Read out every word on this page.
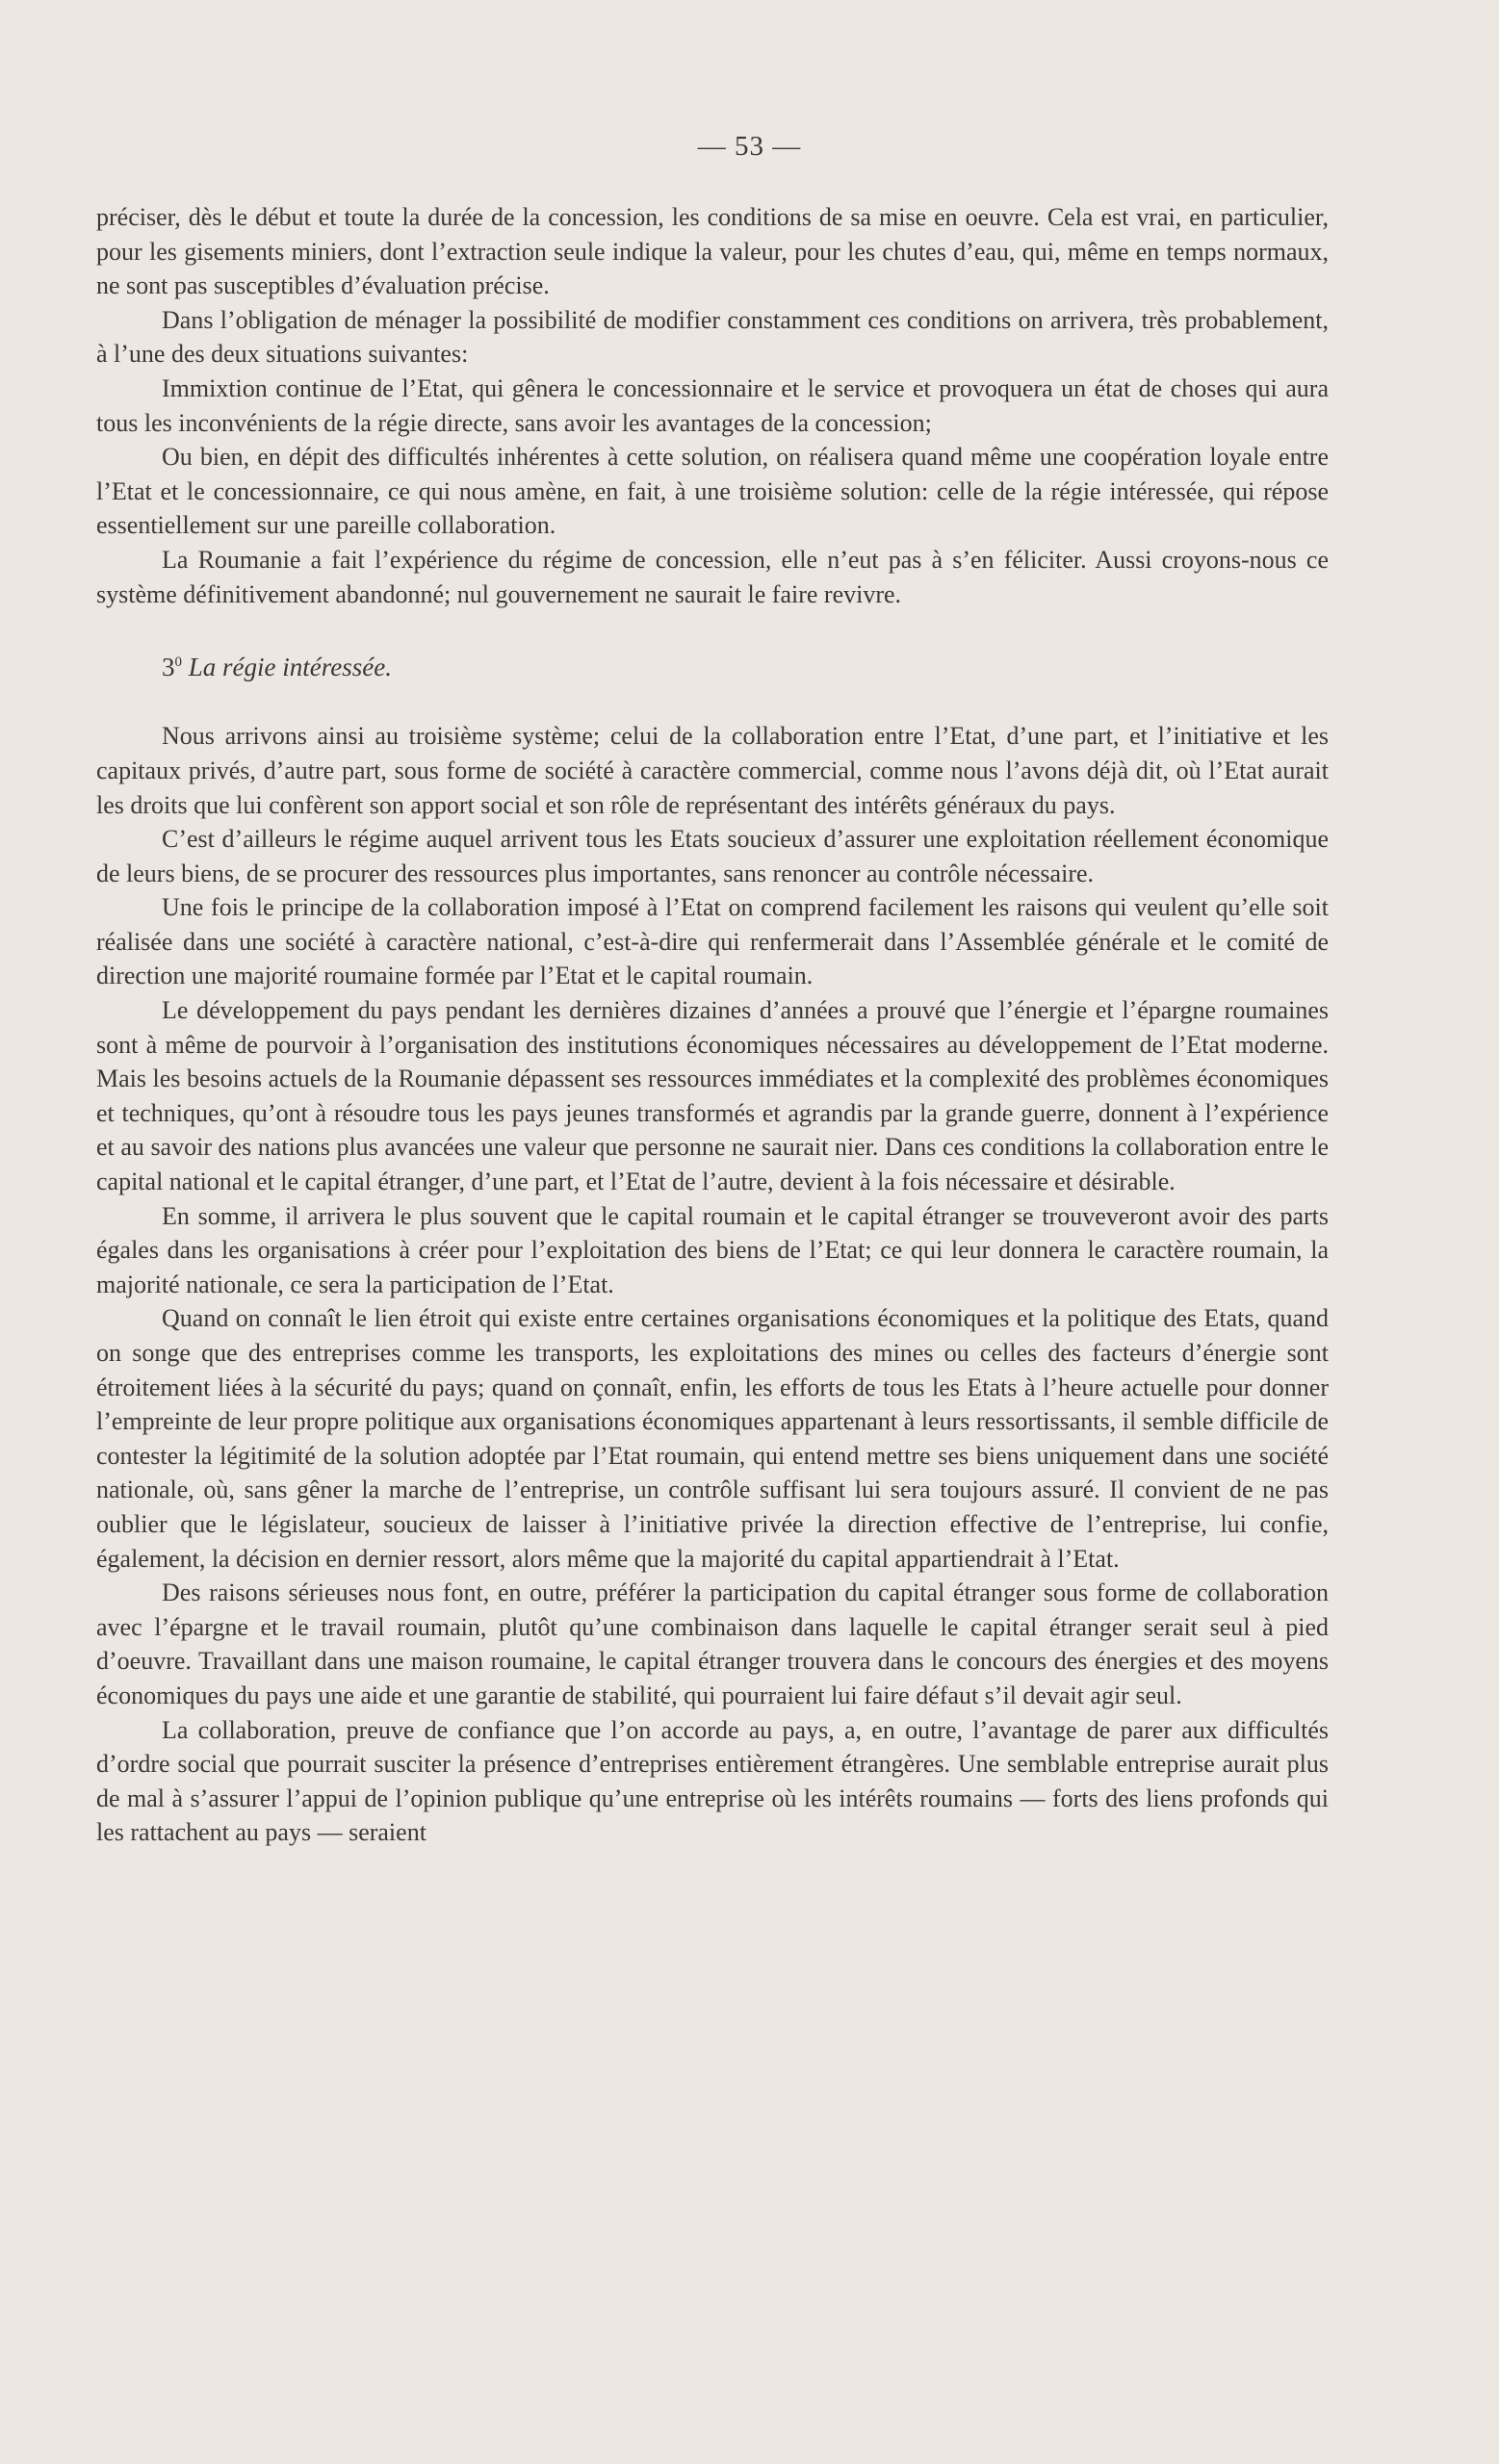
— 53 —

préciser, dès le début et toute la durée de la concession, les conditions de sa mise en oeuvre. Cela est vrai, en particulier, pour les gisements miniers, dont l’extraction seule indique la valeur, pour les chutes d’eau, qui, même en temps normaux, ne sont pas susceptibles d’évaluation précise.

Dans l’obligation de ménager la possibilité de modifier constamment ces conditions on arrivera, très probablement, à l’une des deux situations suivantes:

Immixtion continue de l’Etat, qui gênera le concessionnaire et le service et provoquera un état de choses qui aura tous les inconvénients de la régie directe, sans avoir les avantages de la concession;

Ou bien, en dépit des difficultés inhérentes à cette solution, on réalisera quand même une coopération loyale entre l’Etat et le concessionnaire, ce qui nous amène, en fait, à une troisième solution: celle de la régie intéressée, qui répose essentiellement sur une pareille collaboration.

La Roumanie a fait l’expérience du régime de concession, elle n’eut pas à s’en féliciter. Aussi croyons-nous ce système définitivement abandonné; nul gouvernement ne saurait le faire revivre.

$3^0$ La régie intéressée.

Nous arrivons ainsi au troisième système; celui de la collaboration entre l’Etat, d’une part, et l’initiative et les capitaux privés, d’autre part, sous forme de société à caractère commercial, comme nous l’avons déjà dit, où l’Etat aurait les droits que lui confèrent son apport social et son rôle de représentant des intérêts généraux du pays.

C’est d’ailleurs le régime auquel arrivent tous les Etats soucieux d’assurer une exploitation réellement économique de leurs biens, de se procurer des ressources plus importantes, sans renoncer au contrôle nécessaire.

Une fois le principe de la collaboration imposé à l’Etat on comprend facilement les raisons qui veulent qu’elle soit réalisée dans une société à caractère national, c’est-à-dire qui renfermerait dans l’Assemblée générale et le comité de direction une majorité roumaine formée par l’Etat et le capital roumain.

Le développement du pays pendant les dernières dizaines d’années a prouvé que l’énergie et l’épargne roumaines sont à même de pourvoir à l’organisation des institutions économiques nécessaires au développement de l’Etat moderne. Mais les besoins actuels de la Roumanie dépassent ses ressources immédiates et la complexité des problèmes économiques et techniques, qu’ont à résoudre tous les pays jeunes transformés et agrandis par la grande guerre, donnent à l’expérience et au savoir des nations plus avancées une valeur que personne ne saurait nier. Dans ces conditions la collaboration entre le capital national et le capital étranger, d’une part, et l’Etat de l’autre, devient à la fois nécessaire et désirable.

En somme, il arrivera le plus souvent que le capital roumain et le capital étranger se trouveveront avoir des parts égales dans les organisations à créer pour l’exploitation des biens de l’Etat; ce qui leur donnera le caractère roumain, la majorité nationale, ce sera la participation de l’Etat.

Quand on connaît le lien étroit qui existe entre certaines organisations économiques et la politique des Etats, quand on songe que des entreprises comme les transports, les exploitations des mines ou celles des facteurs d’énergie sont étroitement liées à la sécurité du pays; quand on çonnaît, enfin, les efforts de tous les Etats à l’heure actuelle pour donner l’empreinte de leur propre politique aux organisations économiques appartenant à leurs ressortissants, il semble difficile de contester la légitimité de la solution adoptée par l’Etat roumain, qui entend mettre ses biens uniquement dans une société nationale, où, sans gêner la marche de l’entreprise, un contrôle suffisant lui sera toujours assuré. Il convient de ne pas oublier que le législateur, soucieux de laisser à l’initiative privée la direction effective de l’entreprise, lui confie, également, la décision en dernier ressort, alors même que la majorité du capital appartiendrait à l’Etat.

Des raisons sérieuses nous font, en outre, préférer la participation du capital étranger sous forme de collaboration avec l’épargne et le travail roumain, plutôt qu’une combinaison dans laquelle le capital étranger serait seul à pied d’oeuvre. Travaillant dans une maison roumaine, le capital étranger trouvera dans le concours des énergies et des moyens économiques du pays une aide et une garantie de stabilité, qui pourraient lui faire défaut s’il devait agir seul.

La collaboration, preuve de confiance que l’on accorde au pays, a, en outre, l’avantage de parer aux difficultés d’ordre social que pourrait susciter la présence d’entreprises entièrement étrangères. Une semblable entreprise aurait plus de mal à s’assurer l’appui de l’opinion publique qu’une entreprise où les intérêts roumains — forts des liens profonds qui les rattachent au pays — seraient
